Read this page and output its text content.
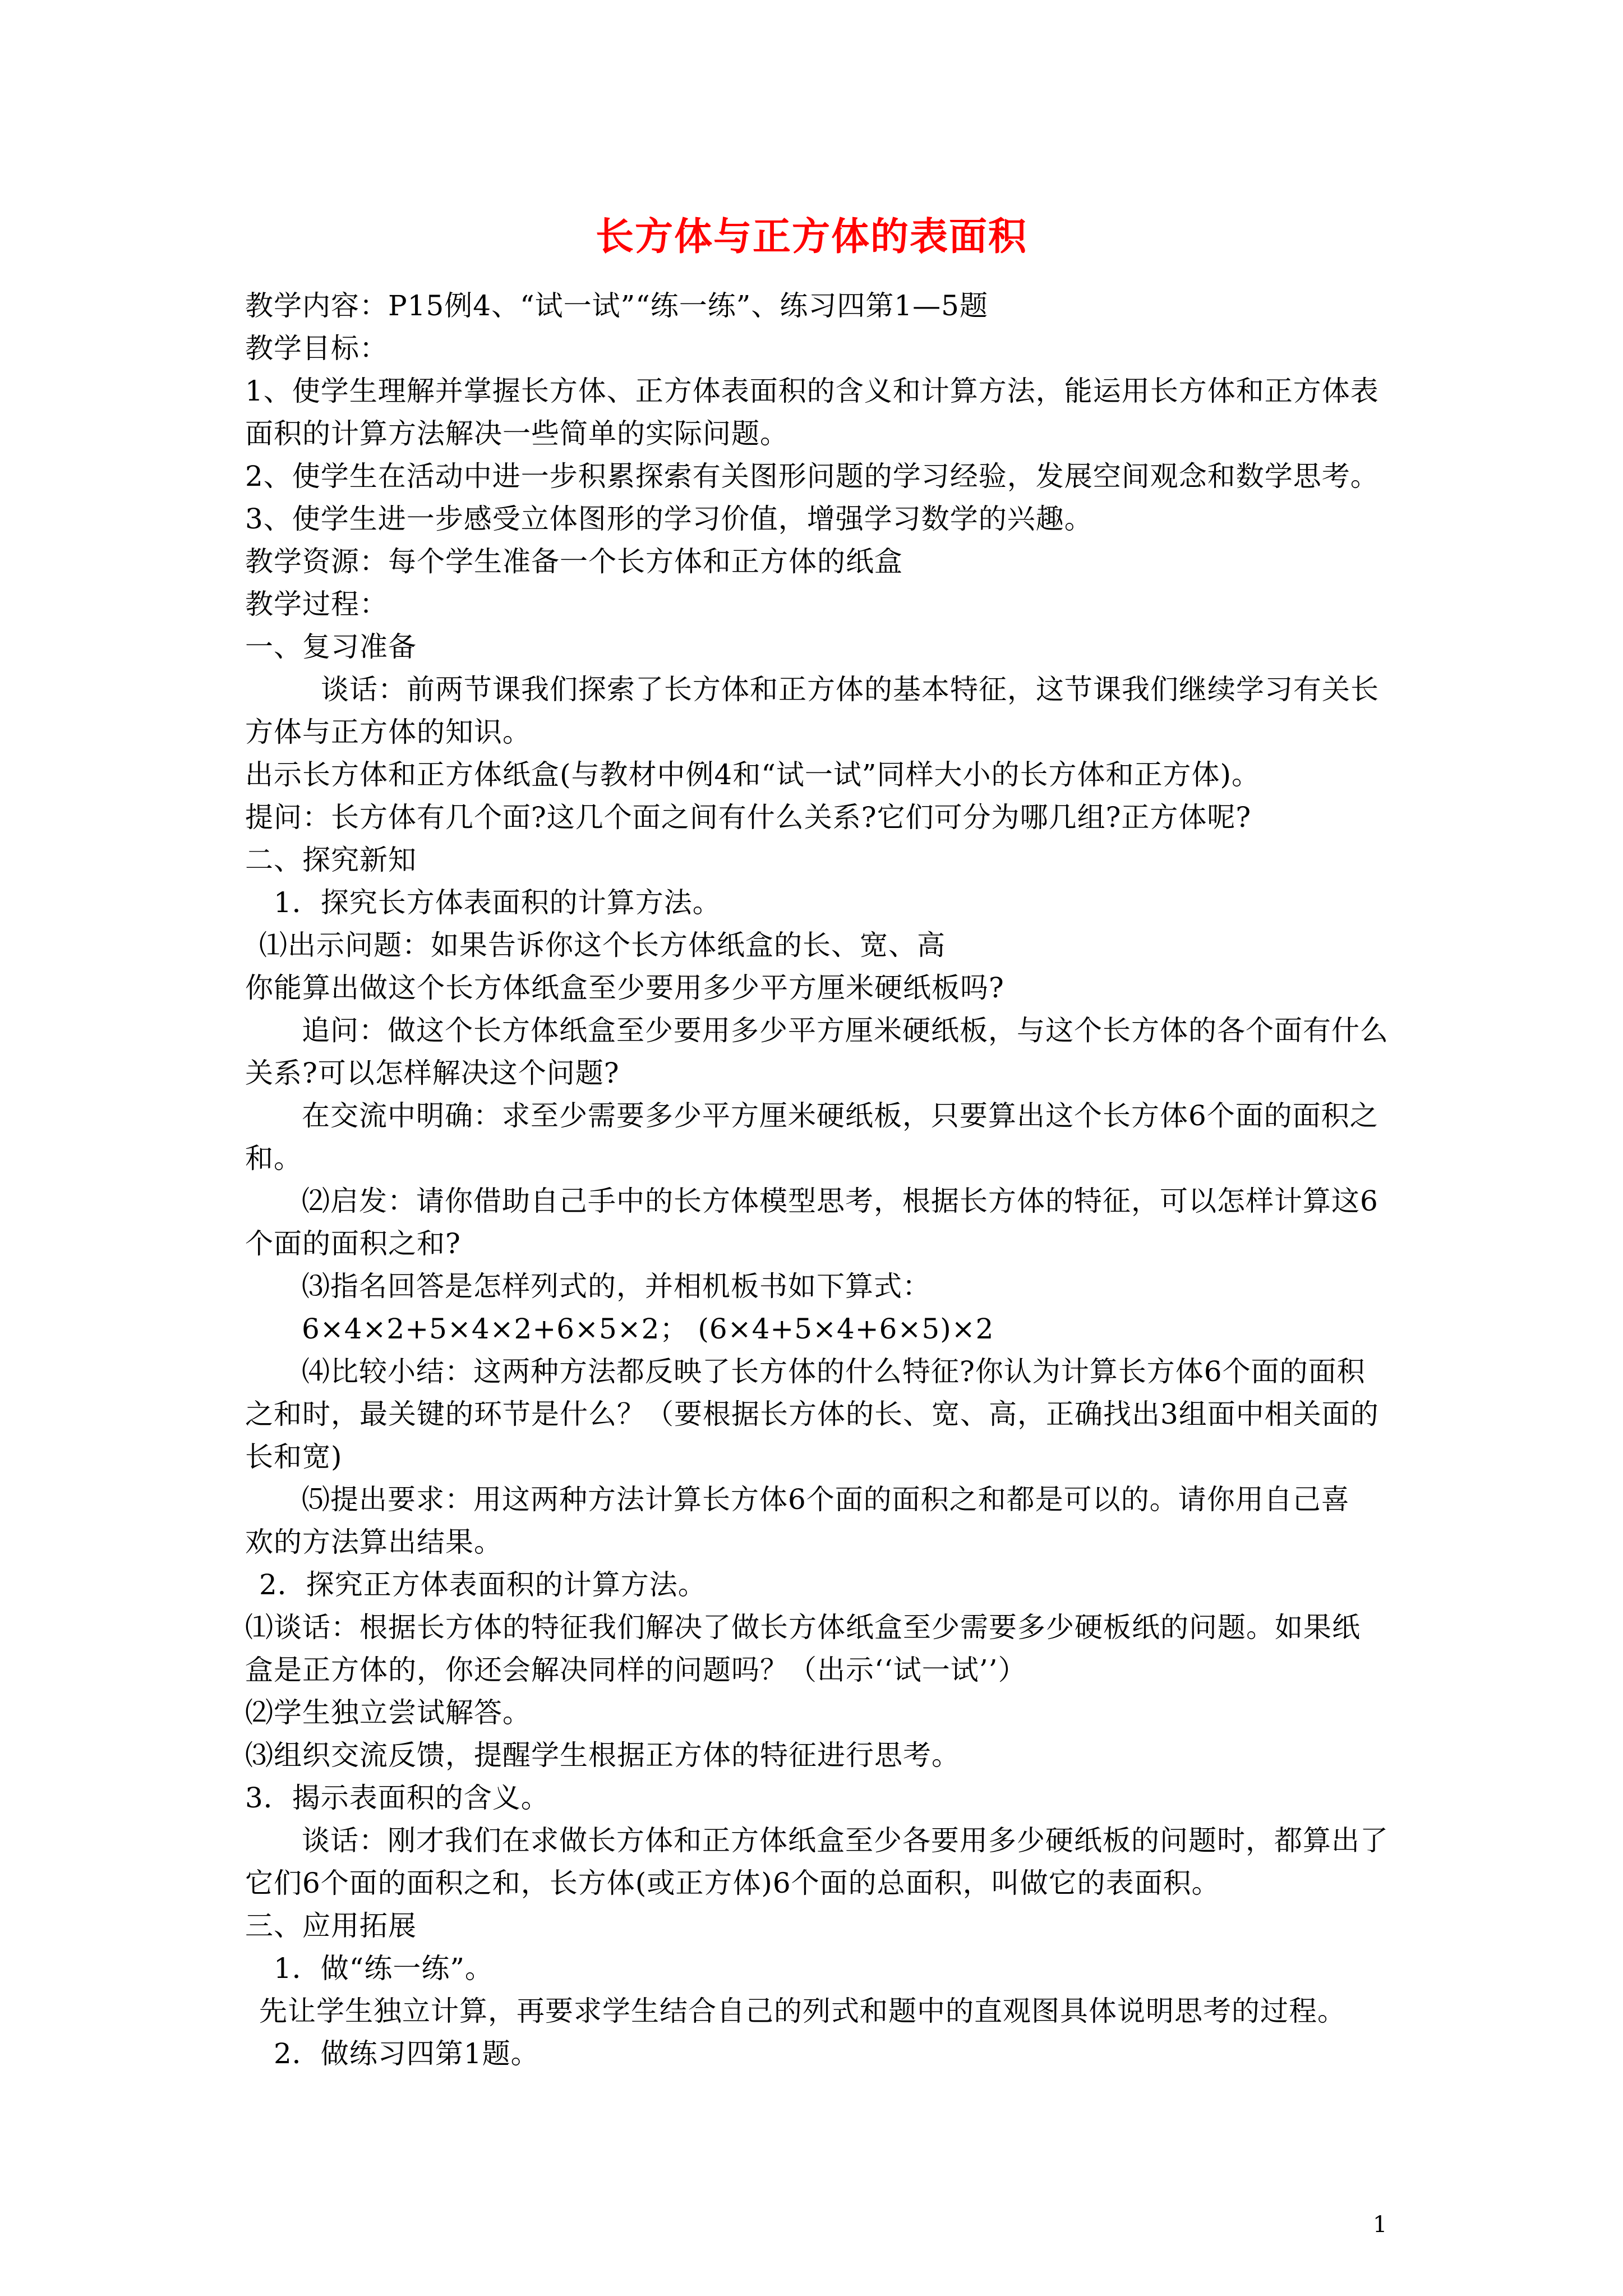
长方体与正方体的表面积
教学内容：P15例4、“试一试”“练一练”、练习四第1—5题
教学目标：
1、使学生理解并掌握长方体、正方体表面积的含义和计算方法，能运用长方体和正方体表
面积的计算方法解决一些简单的实际问题。
2、使学生在活动中进一步积累探索有关图形问题的学习经验，发展空间观念和数学思考。
3、使学生进一步感受立体图形的学习价值，增强学习数学的兴趣。
教学资源：每个学生准备一个长方体和正方体的纸盒
教学过程：
一、复习准备
谈话：前两节课我们探索了长方体和正方体的基本特征，这节课我们继续学习有关长
方体与正方体的知识。
出示长方体和正方体纸盒(与教材中例4和“试一试”同样大小的长方体和正方体)。
提问：长方体有几个面?这几个面之间有什么关系?它们可分为哪几组?正方体呢?
二、探究新知
1．探究长方体表面积的计算方法。
⑴出示问题：如果告诉你这个长方体纸盒的长、宽、高
你能算出做这个长方体纸盒至少要用多少平方厘米硬纸板吗?
追问：做这个长方体纸盒至少要用多少平方厘米硬纸板，与这个长方体的各个面有什么
关系?可以怎样解决这个问题?
在交流中明确：求至少需要多少平方厘米硬纸板，只要算出这个长方体6个面的面积之
和。
⑵启发：请你借助自己手中的长方体模型思考，根据长方体的特征，可以怎样计算这6
个面的面积之和?
⑶指名回答是怎样列式的，并相机板书如下算式：
6×4×2+5×4×2+6×5×2； (6×4+5×4+6×5)×2
⑷比较小结：这两种方法都反映了长方体的什么特征?你认为计算长方体6个面的面积
之和时，最关键的环节是什么？（要根据长方体的长、宽、高，正确找出3组面中相关面的
长和宽)
⑸提出要求：用这两种方法计算长方体6个面的面积之和都是可以的。请你用自己喜
欢的方法算出结果。
2．探究正方体表面积的计算方法。
⑴谈话：根据长方体的特征我们解决了做长方体纸盒至少需要多少硬板纸的问题。如果纸
盒是正方体的，你还会解决同样的问题吗？（出示‘‘试一试’’）
⑵学生独立尝试解答。
⑶组织交流反馈，提醒学生根据正方体的特征进行思考。
3．揭示表面积的含义。
谈话：刚才我们在求做长方体和正方体纸盒至少各要用多少硬纸板的问题时，都算出了
它们6个面的面积之和，长方体(或正方体)6个面的总面积，叫做它的表面积。
三、应用拓展
1．做“练一练”。
先让学生独立计算，再要求学生结合自己的列式和题中的直观图具体说明思考的过程。
2．做练习四第1题。
1
